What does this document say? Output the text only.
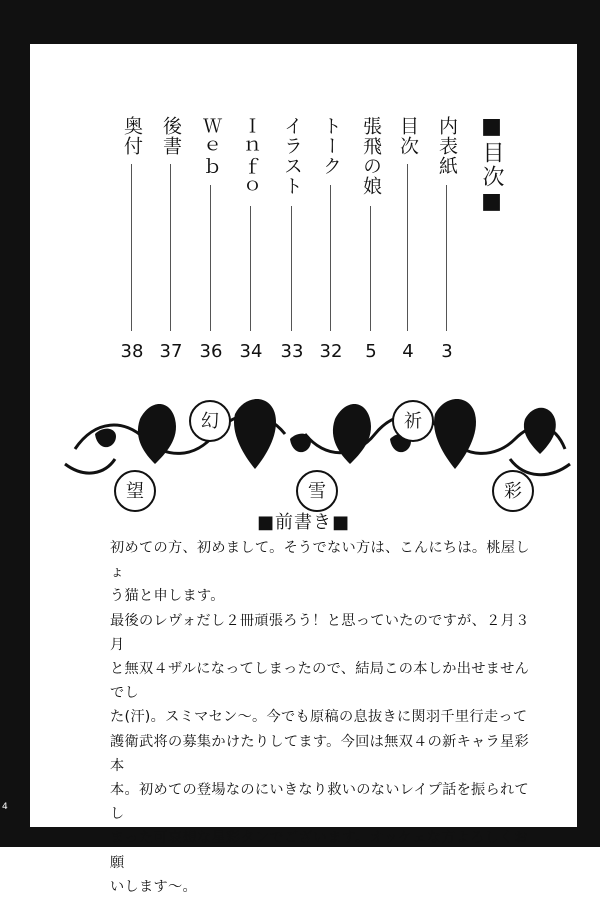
■目次■
内表紙
3
目次
4
張飛の娘
5
トーク
32
イラスト
33
Ｉｎｆｏ
34
Ｗｅｂ
36
後書
37
奥付
38
望
幻
雪
祈
彩
■前書き■

初めての方、初めまして。そうでない方は、こんにちは。桃屋しょ

う猫と申します。

最後のレヴォだし２冊頑張ろう！と思っていたのですが、２月３月

と無双４ザルになってしまったので、結局この本しか出せませんでし

た(汗)。スミマセン～。今でも原稿の息抜きに関羽千里行走って

護衛武将の募集かけたりしてます。今回は無双４の新キャラ星彩本

本。初めての登場なのにいきなり救いのないレイプ話を振られてし

まった可哀想な星彩タンでございます。オッケェな方よろしくお願

いします～。

4
